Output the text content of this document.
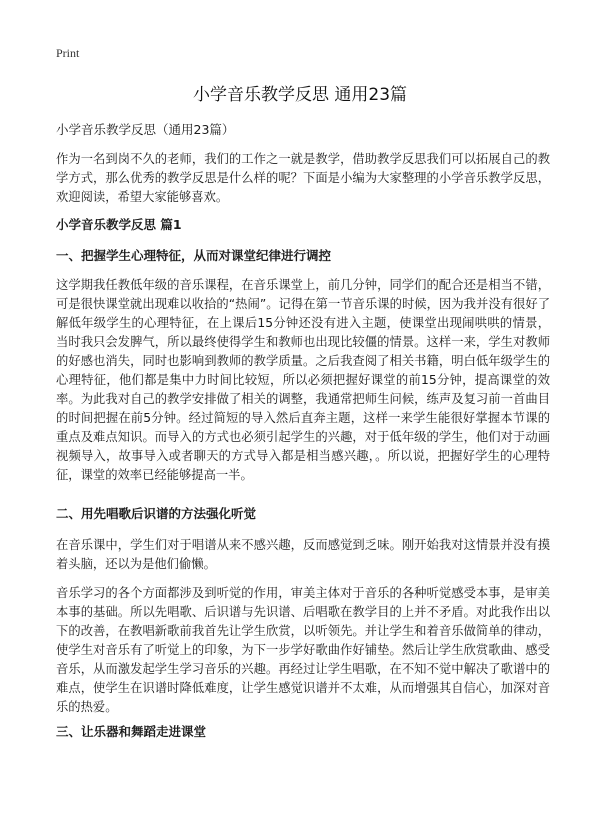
Print
小学音乐教学反思 通用23篇
小学音乐教学反思（通用23篇）

作为一名到岗不久的老师，我们的工作之一就是教学，借助教学反思我们可以拓展自己的教学方式，那么优秀的教学反思是什么样的呢？下面是小编为大家整理的小学音乐教学反思，欢迎阅读，希望大家能够喜欢。

小学音乐教学反思 篇1
一、把握学生心理特征，从而对课堂纪律进行调控

这学期我任教低年级的音乐课程，在音乐课堂上，前几分钟，同学们的配合还是相当不错，可是很快课堂就出现难以收拾的“热闹”。记得在第一节音乐课的时候，因为我并没有很好了解低年级学生的心理特征，在上课后15分钟还没有进入主题，使课堂出现闹哄哄的情景，当时我只会发脾气，所以最终使得学生和教师也出现比较僵的情景。这样一来，学生对教师的好感也消失，同时也影响到教师的教学质量。之后我查阅了相关书籍，明白低年级学生的心理特征，他们都是集中力时间比较短，所以必须把握好课堂的前15分钟，提高课堂的效率。为此我对自己的教学安排做了相关的调整，我通常把师生问候，练声及复习前一首曲目的时间把握在前5分钟。经过简短的导入然后直奔主题，这样一来学生能很好掌握本节课的重点及难点知识。而导入的方式也必须引起学生的兴趣，对于低年级的学生，他们对于动画视频导入，故事导入或者聊天的方式导入都是相当感兴趣，。所以说，把握好学生的心理特征，课堂的效率已经能够提高一半。

二、用先唱歌后识谱的方法强化听觉

在音乐课中，学生们对于唱谱从来不感兴趣，反而感觉到乏味。刚开始我对这情景并没有摸着头脑，还以为是他们偷懒。

音乐学习的各个方面都涉及到听觉的作用，审美主体对于音乐的各种听觉感受本事，是审美本事的基础。所以先唱歌、后识谱与先识谱、后唱歌在教学目的上并不矛盾。对此我作出以下的改善，在教唱新歌前我首先让学生欣赏，以听领先。并让学生和着音乐做简单的律动，使学生对音乐有了听觉上的印象，为下一步学好歌曲作好铺垫。然后让学生欣赏歌曲、感受音乐，从而激发起学生学习音乐的兴趣。再经过让学生唱歌，在不知不觉中解决了歌谱中的难点，使学生在识谱时降低难度，让学生感觉识谱并不太难，从而增强其自信心，加深对音乐的热爱。

三、让乐器和舞蹈走进课堂
